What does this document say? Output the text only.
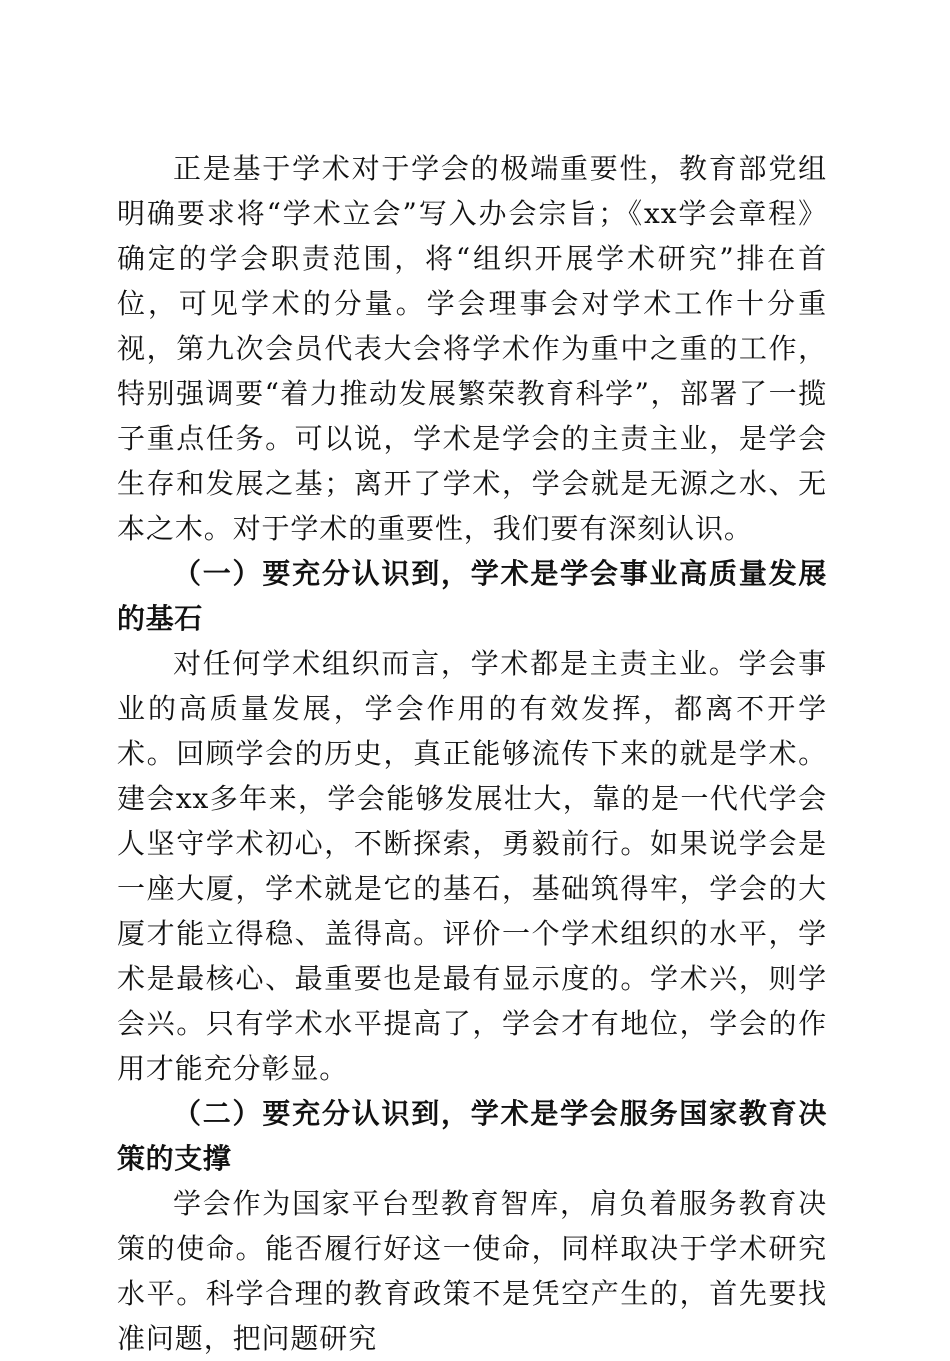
正是基于学术对于学会的极端重要性，教育部党组明确要求将“学术立会”写入办会宗旨；《xx学会章程》确定的学会职责范围，将“组织开展学术研究”排在首位，可见学术的分量。学会理事会对学术工作十分重视，第九次会员代表大会将学术作为重中之重的工作，特别强调要“着力推动发展繁荣教育科学”，部署了一揽子重点任务。可以说，学术是学会的主责主业，是学会生存和发展之基；离开了学术，学会就是无源之水、无本之木。对于学术的重要性，我们要有深刻认识。

（一）要充分认识到，学术是学会事业高质量发展的基石

对任何学术组织而言，学术都是主责主业。学会事业的高质量发展，学会作用的有效发挥，都离不开学术。回顾学会的历史，真正能够流传下来的就是学术。建会xx多年来，学会能够发展壮大，靠的是一代代学会人坚守学术初心，不断探索，勇毅前行。如果说学会是一座大厦，学术就是它的基石，基础筑得牢，学会的大厦才能立得稳、盖得高。评价一个学术组织的水平，学术是最核心、最重要也是最有显示度的。学术兴，则学会兴。只有学术水平提高了，学会才有地位，学会的作用才能充分彰显。

（二）要充分认识到，学术是学会服务国家教育决策的支撑

学会作为国家平台型教育智库，肩负着服务教育决策的使命。能否履行好这一使命，同样取决于学术研究水平。科学合理的教育政策不是凭空产生的，首先要找准问题，把问题研究
